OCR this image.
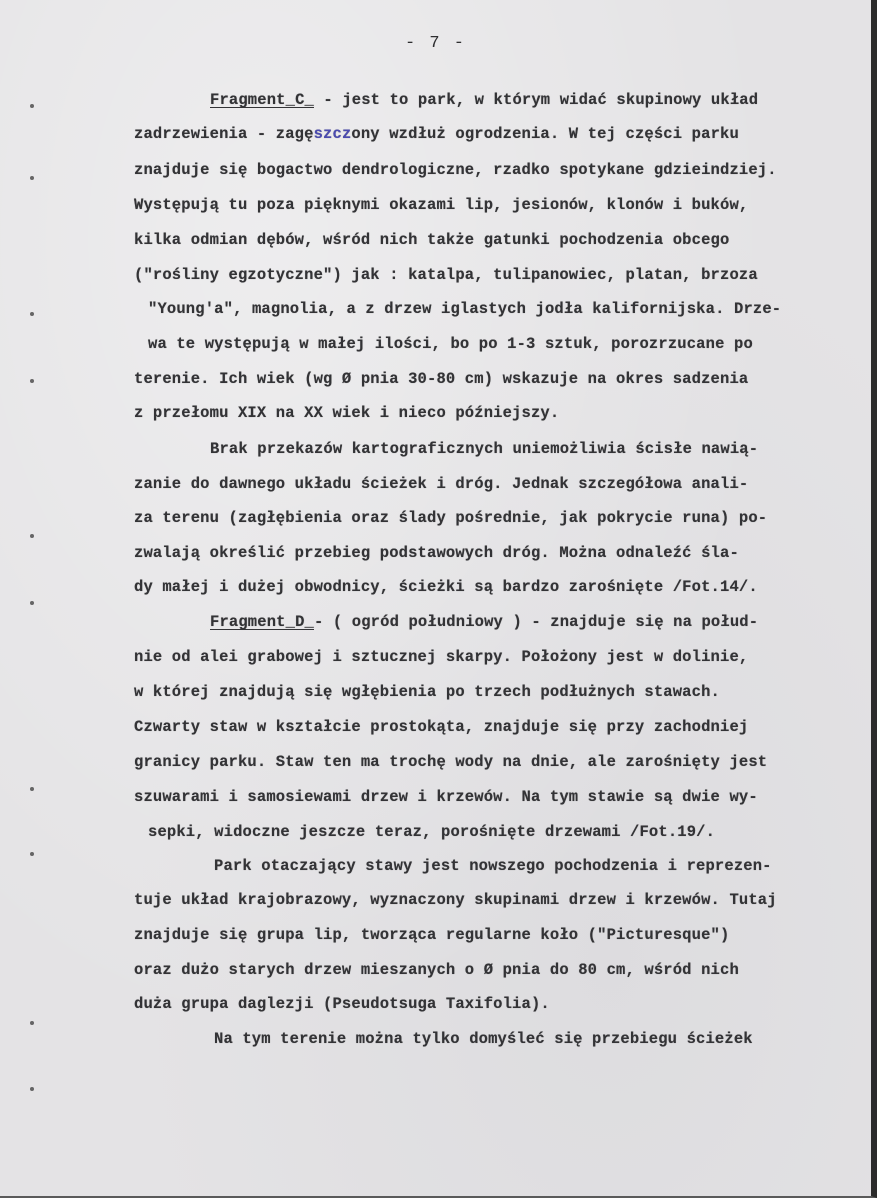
- 7 -
Fragment_C_ - jest to park, w którym widać skupinowy układ
zadrzewienia - zagęszczony wzdłuż ogrodzenia. W tej części parku
znajduje się bogactwo dendrologiczne, rzadko spotykane gdzieindziej.
Występują tu poza pięknymi okazami lip, jesionów, klonów i buków,
kilka odmian dębów, wśród nich także gatunki pochodzenia obcego
("rośliny egzotyczne") jak : katalpa, tulipanowiec, platan, brzoza
"Young'a", magnolia, a z drzew iglastych jodła kalifornijska. Drze-
wa te występują w małej ilości, bo po 1-3 sztuk, porozrzucane po
terenie. Ich wiek (wg Ø pnia 30-80 cm) wskazuje na okres sadzenia
z przełomu XIX na XX wiek i nieco późniejszy.
Brak przekazów kartograficznych uniemożliwia ścisłe nawią-
zanie do dawnego układu ścieżek i dróg. Jednak szczegółowa anali-
za terenu (zagłębienia oraz ślady pośrednie, jak pokrycie runa) po-
zwalają określić przebieg podstawowych dróg. Można odnaleźć śla-
dy małej i dużej obwodnicy, ścieżki są bardzo zarośnięte /Fot.14/.
Fragment_D_- ( ogród południowy ) - znajduje się na połud-
nie od alei grabowej i sztucznej skarpy. Położony jest w dolinie,
w której znajdują się wgłębienia po trzech podłużnych stawach.
Czwarty staw w kształcie prostokąta, znajduje się przy zachodniej
granicy parku. Staw ten ma trochę wody na dnie, ale zarośnięty jest
szuwarami i samosiewami drzew i krzewów. Na tym stawie są dwie wy-
sepki, widoczne jeszcze teraz, porośnięte drzewami /Fot.19/.
Park otaczający stawy jest nowszego pochodzenia i reprezen-
tuje układ krajobrazowy, wyznaczony skupinami drzew i krzewów. Tutaj
znajduje się grupa lip, tworząca regularne koło ("Picturesque")
oraz dużo starych drzew mieszanych o Ø pnia do 80 cm, wśród nich
duża grupa daglezji (Pseudotsuga Taxifolia).
Na tym terenie można tylko domyśleć się przebiegu ścieżek
